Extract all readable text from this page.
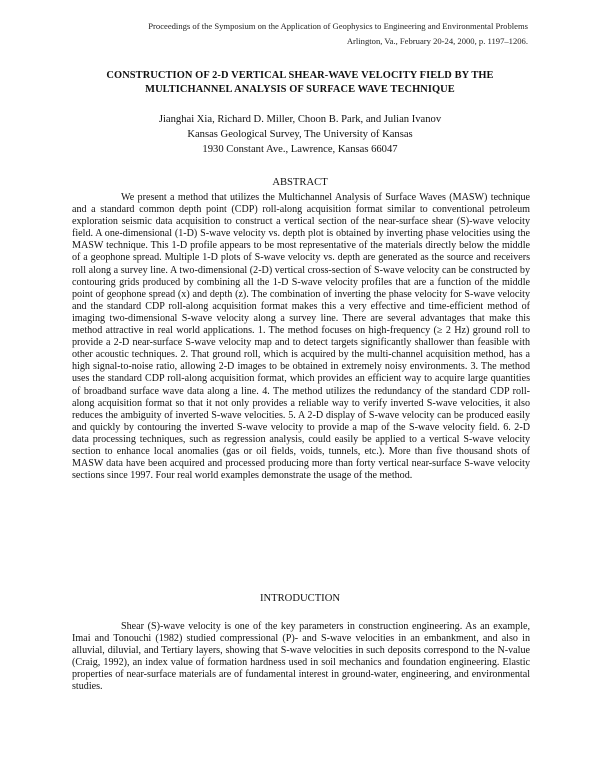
Proceedings of the Symposium on the Application of Geophysics to Engineering and Environmental Problems
Arlington, Va., February 20-24, 2000, p. 1197–1206.
CONSTRUCTION OF 2-D VERTICAL SHEAR-WAVE VELOCITY FIELD BY THE
MULTICHANNEL ANALYSIS OF SURFACE WAVE TECHNIQUE
Jianghai Xia, Richard D. Miller, Choon B. Park, and Julian Ivanov
Kansas Geological Survey, The University of Kansas
1930 Constant Ave., Lawrence, Kansas 66047
ABSTRACT

We present a method that utilizes the Multichannel Analysis of Surface Waves (MASW) technique and a standard common depth point (CDP) roll-along acquisition format similar to conventional petroleum exploration seismic data acquisition to construct a vertical section of the near-surface shear (S)-wave velocity field. A one-dimensional (1-D) S-wave velocity vs. depth plot is obtained by inverting phase velocities using the MASW technique. This 1-D profile appears to be most representative of the materials directly below the middle of a geophone spread. Multiple 1-D plots of S-wave velocity vs. depth are generated as the source and receivers roll along a survey line. A two-dimensional (2-D) vertical cross-section of S-wave velocity can be constructed by contouring grids produced by combining all the 1-D S-wave velocity profiles that are a function of the middle point of geophone spread (x) and depth (z). The combination of inverting the phase velocity for S-wave velocity and the standard CDP roll-along acquisition format makes this a very effective and time-efficient method of imaging two-dimensional S-wave velocity along a survey line. There are several advantages that make this method attractive in real world applications. 1. The method focuses on high-frequency (≥ 2 Hz) ground roll to provide a 2-D near-surface S-wave velocity map and to detect targets significantly shallower than feasible with other acoustic techniques. 2. That ground roll, which is acquired by the multi-channel acquisition method, has a high signal-to-noise ratio, allowing 2-D images to be obtained in extremely noisy environments. 3. The method uses the standard CDP roll-along acquisition format, which provides an efficient way to acquire large quantities of broadband surface wave data along a line. 4. The method utilizes the redundancy of the standard CDP roll-along acquisition format so that it not only provides a reliable way to verify inverted S-wave velocities, it also reduces the ambiguity of inverted S-wave velocities. 5. A 2-D display of S-wave velocity can be produced easily and quickly by contouring the inverted S-wave velocity to provide a map of the S-wave velocity field. 6. 2-D data processing techniques, such as regression analysis, could easily be applied to a vertical S-wave velocity section to enhance local anomalies (gas or oil fields, voids, tunnels, etc.). More than five thousand shots of MASW data have been acquired and processed producing more than forty vertical near-surface S-wave velocity sections since 1997. Four real world examples demonstrate the usage of the method.

INTRODUCTION

Shear (S)-wave velocity is one of the key parameters in construction engineering. As an example, Imai and Tonouchi (1982) studied compressional (P)- and S-wave velocities in an embankment, and also in alluvial, diluvial, and Tertiary layers, showing that S-wave velocities in such deposits correspond to the N-value (Craig, 1992), an index value of formation hardness used in soil mechanics and foundation engineering. Elastic properties of near-surface materials are of fundamental interest in ground-water, engineering, and environmental studies.
